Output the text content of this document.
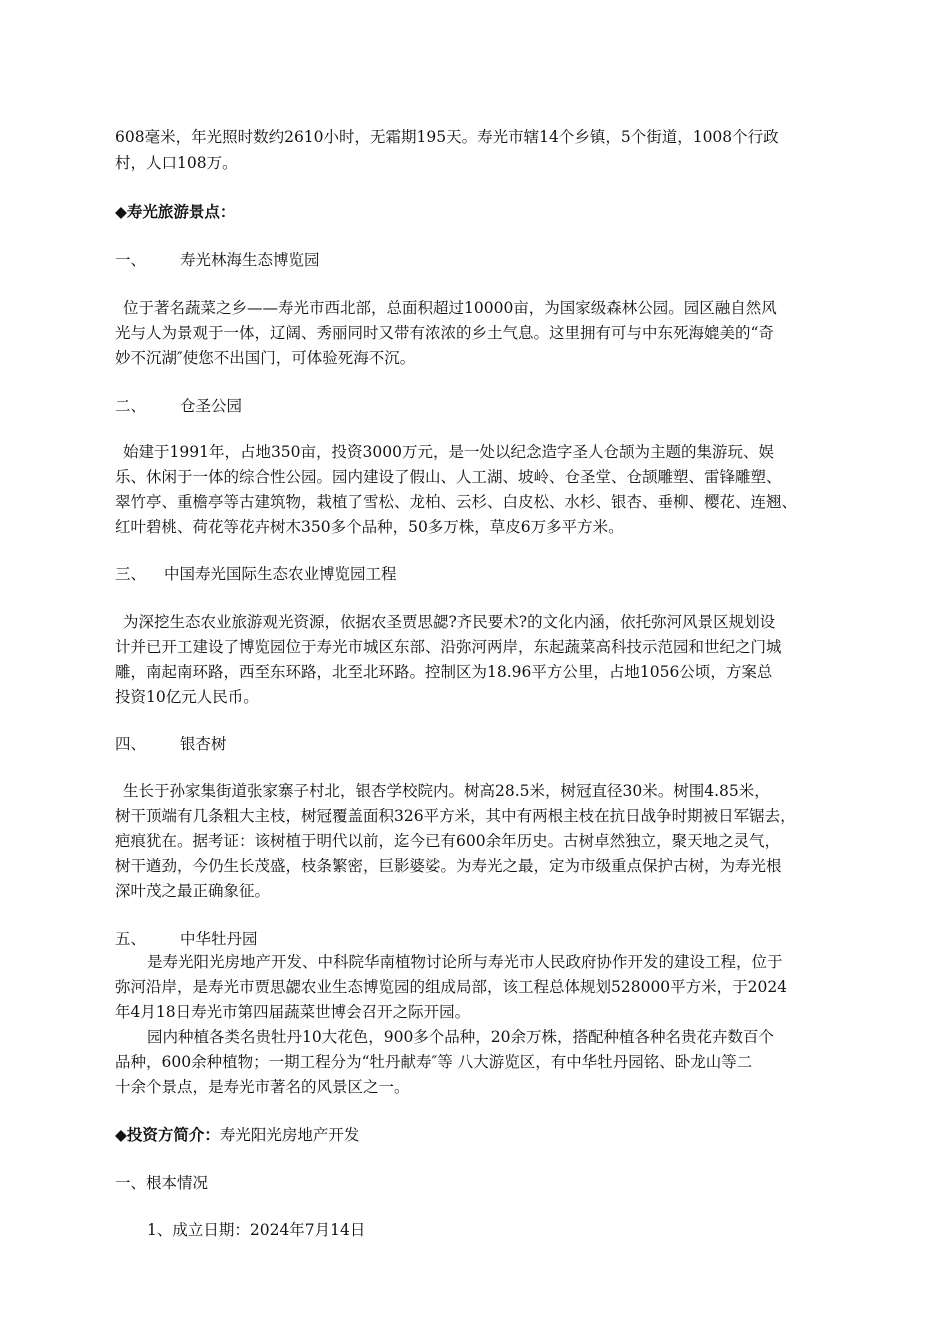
608毫米，年光照时数约2610小时，无霜期195天。寿光市辖14个乡镇，5个街道，1008个行政
村，人口108万。
◆寿光旅游景点：
一、 寿光林海生态博览园
位于著名蔬菜之乡——寿光市西北部，总面积超过10000亩，为国家级森林公园。园区融自然风
光与人为景观于一体，辽阔、秀丽同时又带有浓浓的乡土气息。这里拥有可与中东死海媲美的“奇
妙不沉湖″使您不出国门，可体验死海不沉。
二、 仓圣公园
始建于1991年，占地350亩，投资3000万元，是一处以纪念造字圣人仓颉为主题的集游玩、娱
乐、休闲于一体的综合性公园。园内建设了假山、人工湖、坡岭、仓圣堂、仓颉雕塑、雷锋雕塑、
翠竹亭、重檐亭等古建筑物，栽植了雪松、龙柏、云杉、白皮松、水杉、银杏、垂柳、樱花、连翘、
红叶碧桃、荷花等花卉树木350多个品种，50多万株，草皮6万多平方米。
三、 中国寿光国际生态农业博览园工程
为深挖生态农业旅游观光资源，依据农圣贾思勰?齐民要术?的文化内涵，依托弥河风景区规划设
计并已开工建设了博览园位于寿光市城区东部、沿弥河两岸，东起蔬菜高科技示范园和世纪之门城
雕，南起南环路，西至东环路，北至北环路。控制区为18.96平方公里，占地1056公顷，方案总
投资10亿元人民币。
四、 银杏树
生长于孙家集街道张家寨子村北，银杏学校院内。树高28.5米，树冠直径30米。树围4.85米，
树干顶端有几条粗大主枝，树冠覆盖面积326平方米，其中有两根主枝在抗日战争时期被日军锯去，
疤痕犹在。据考证：该树植于明代以前，迄今已有600余年历史。古树卓然独立，聚天地之灵气，
树干遒劲，今仍生长茂盛，枝条繁密，巨影婆娑。为寿光之最，定为市级重点保护古树，为寿光根
深叶茂之最正确象征。
五、 中华牡丹园
是寿光阳光房地产开发、中科院华南植物讨论所与寿光市人民政府协作开发的建设工程，位于
弥河沿岸，是寿光市贾思勰农业生态博览园的组成局部，该工程总体规划528000平方米，于2024
年4月18日寿光市第四届蔬菜世博会召开之际开园。
园内种植各类名贵牡丹10大花色，900多个品种，20余万株，搭配种植各种名贵花卉数百个
品种，600余种植物；一期工程分为“牡丹献寿″等 八大游览区，有中华牡丹园铭、卧龙山等二
十余个景点，是寿光市著名的风景区之一。
◆投资方简介：寿光阳光房地产开发
一、根本情况
1、成立日期：2024年7月14日
